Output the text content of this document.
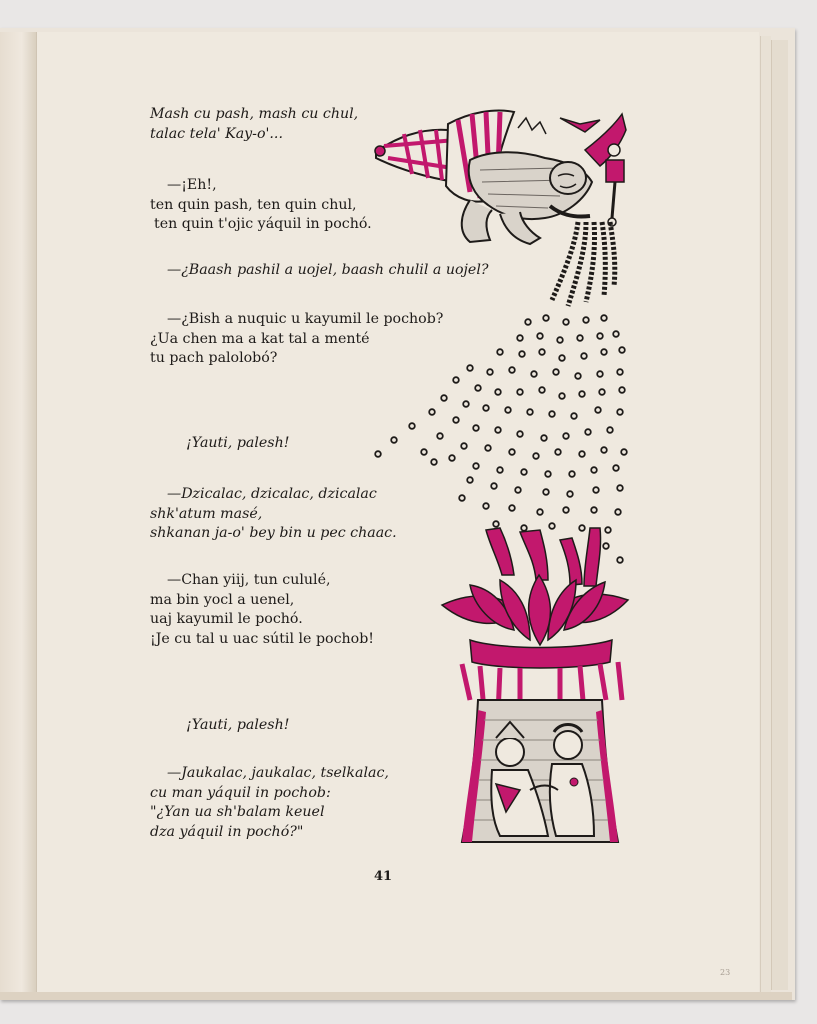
Mash cu pash, mash cu chul,
talac tela' Kay-o'...
—¡Eh!,
ten quin pash, ten quin chul,
ten quin t'ojic yáquil in pochó.
—¿Baash pashil a uojel, baash chulil a uojel?
—¿Bish a nuquic u kayumil le pochob?
¿Ua chen ma a kat tal a menté
tu pach palolobó?
¡Yauti, palesh!
—Dzicalac, dzicalac, dzicalac
shk'atum masé,
shkanan ja-o' bey bin u pec chaac.
—Chan yiij, tun cululé,
ma bin yocl a uenel,
uaj kayumil le pochó.
¡Je cu tal u uac sútil le pochob!
¡Yauti, palesh!
—Jaukalac, jaukalac, tselkalac,
cu man yáquil in pochob:
"¿Yan ua sh'balam keuel
dza yáquil in pochó?"
41
23
